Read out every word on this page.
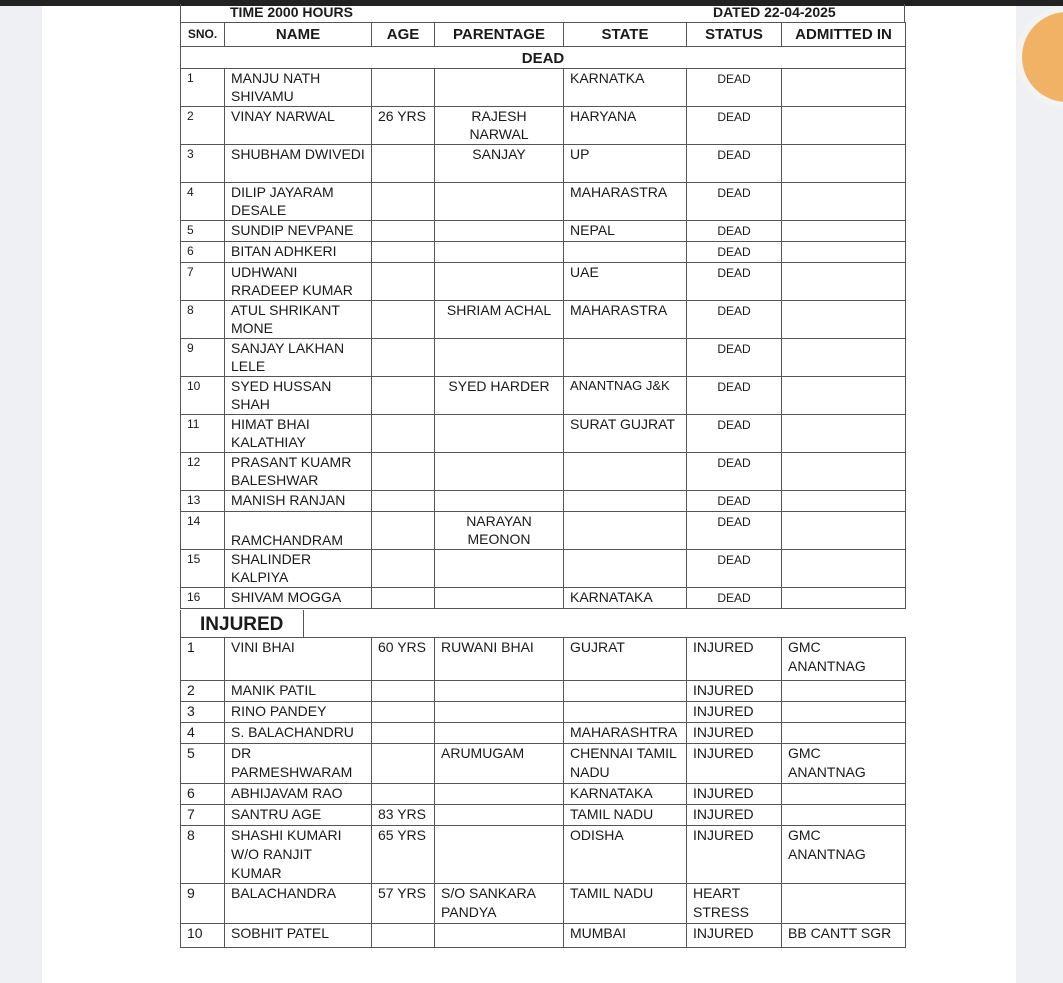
TIME 2000 HOURS	DATED 22-04-2025
SNO.	NAME	AGE	PARENTAGE	STATE	STATUS	ADMITTED IN
DEAD						
1	MANJU NATH SHIVAMU			KARNATKA	DEAD	
2	VINAY NARWAL	26 YRS	RAJESH NARWAL	HARYANA	DEAD	
3	SHUBHAM DWIVEDI		SANJAY	UP	DEAD	
4	DILIP JAYARAM DESALE			MAHARASTRA	DEAD	
5	SUNDIP NEVPANE			NEPAL	DEAD	
6	BITAN ADHKERI				DEAD	
7	UDHWANI RRADEEP KUMAR			UAE	DEAD	
8	ATUL SHRIKANT MONE		SHRIAM ACHAL	MAHARASTRA	DEAD	
9	SANJAY LAKHAN LELE				DEAD	
10	SYED HUSSAN SHAH		SYED HARDER	ANANTNAG J&K	DEAD	
11	HIMAT BHAI KALATHIAY			SURAT GUJRAT	DEAD	
12	PRASANT KUAMR BALESHWAR				DEAD	
13	MANISH RANJAN				DEAD	
14	RAMCHANDRAM		NARAYAN MEONON		DEAD	
15	SHALINDER KALPIYA				DEAD	
16	SHIVAM MOGGA			KARNATAKA	DEAD	
INJURED
1	VINI BHAI	60 YRS	RUWANI BHAI	GUJRAT	INJURED	GMC ANANTNAG
2	MANIK PATIL				INJURED	
3	RINO PANDEY				INJURED	
4	S. BALACHANDRU			MAHARASHTRA	INJURED	
5	DR PARMESHWARAM		ARUMUGAM	CHENNAI TAMIL NADU	INJURED	GMC ANANTNAG
6	ABHIJAVAM RAO			KARNATAKA	INJURED	
7	SANTRU AGE	83 YRS		TAMIL NADU	INJURED	
8	SHASHI KUMARI W/O RANJIT KUMAR	65 YRS		ODISHA	INJURED	GMC ANANTNAG
9	BALACHANDRA	57 YRS	S/O SANKARA PANDYA	TAMIL NADU	HEART STRESS	
10	SOBHIT PATEL			MUMBAI	INJURED	BB CANTT SGR
